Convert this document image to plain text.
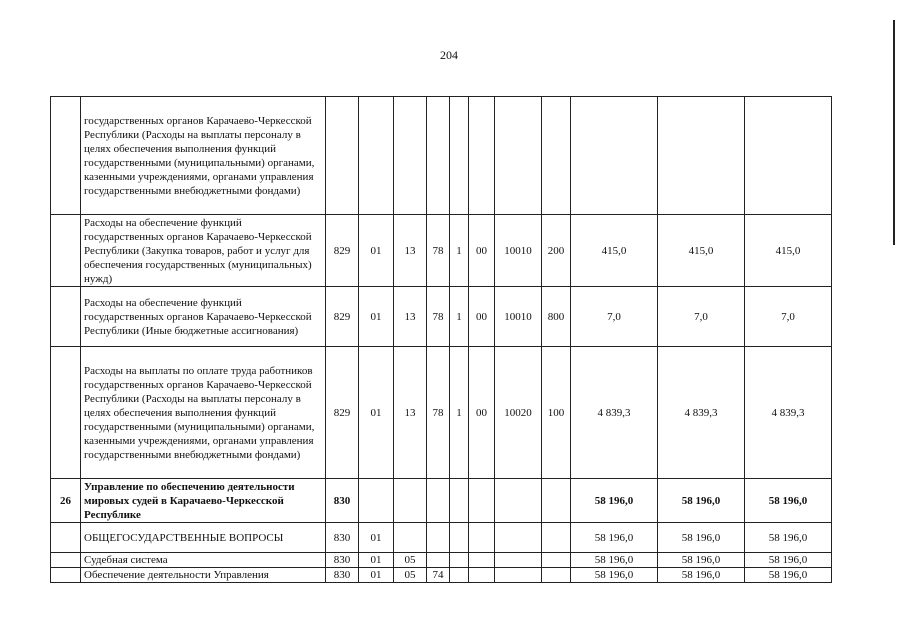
204
	государственных органов Карачаево-Черкесской Республики (Расходы на выплаты персоналу в целях обеспечения выполнения функций государственными (муниципальными) органами, казенными учреждениями, органами управления государственными внебюджетными фондами)											
	Расходы на обеспечение функций государственных органов Карачаево-Черкесской Республики (Закупка товаров, работ и услуг для обеспечения государственных (муниципальных) нужд)	829	01	13	78	1	00	10010	200	415,0	415,0	415,0
	Расходы на обеспечение функций государственных органов Карачаево-Черкесской Республики (Иные бюджетные ассигнования)	829	01	13	78	1	00	10010	800	7,0	7,0	7,0
	Расходы на выплаты по оплате труда работников государственных органов Карачаево-Черкесской Республики (Расходы на выплаты персоналу в целях обеспечения выполнения функций государственными (муниципальными) органами, казенными учреждениями, органами управления государственными внебюджетными фондами)	829	01	13	78	1	00	10020	100	4 839,3	4 839,3	4 839,3
26	Управление по обеспечению деятельности мировых судей в Карачаево-Черкесской Республике	830								58 196,0	58 196,0	58 196,0
	ОБЩЕГОСУДАРСТВЕННЫЕ ВОПРОСЫ	830	01							58 196,0	58 196,0	58 196,0
	Судебная система	830	01	05						58 196,0	58 196,0	58 196,0
	Обеспечение деятельности Управления	830	01	05	74					58 196,0	58 196,0	58 196,0
